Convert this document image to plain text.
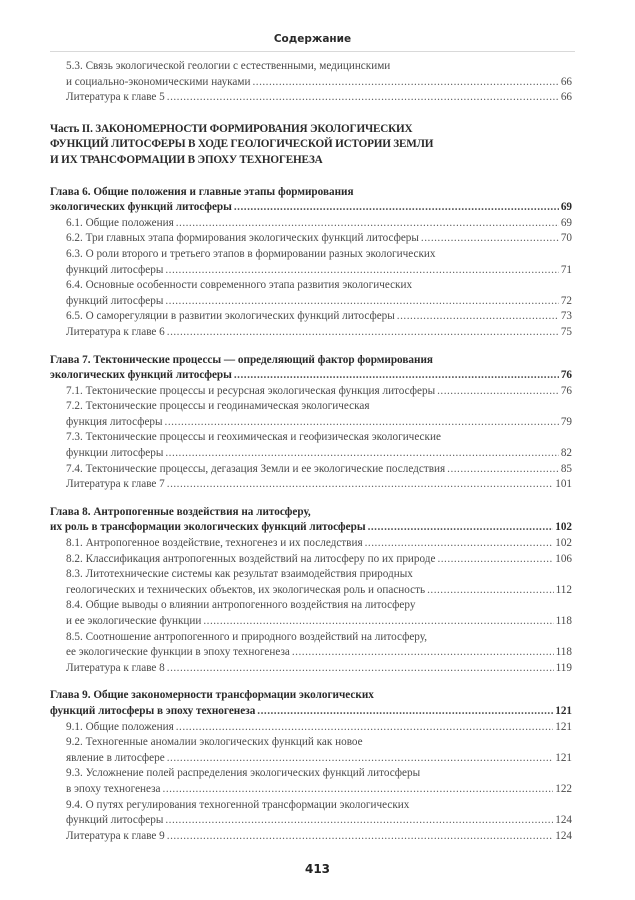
Содержание
5.3. Связь экологической геологии с естественными, медицинскими
и социально-экономическими науками .....	66
Литература к главе 5 .....	66
Часть II. ЗАКОНОМЕРНОСТИ ФОРМИРОВАНИЯ ЭКОЛОГИЧЕСКИХ
ФУНКЦИЙ ЛИТОСФЕРЫ В ХОДЕ ГЕОЛОГИЧЕСКОЙ ИСТОРИИ ЗЕМЛИ
И ИХ ТРАНСФОРМАЦИИ В ЭПОХУ ТЕХНОГЕНЕЗА
Глава 6. Общие положения и главные этапы формирования
экологических функций литосферы .....	69
6.1. Общие положения .....	69
6.2. Три главных этапа формирования экологических функций литосферы .....	70
6.3. О роли второго и третьего этапов в формировании разных экологических
функций литосферы .....	71
6.4. Основные особенности современного этапа развития экологических
функций литосферы .....	72
6.5. О саморегуляции в развитии экологических функций литосферы .....	73
Литература к главе 6 .....	75
Глава 7. Тектонические процессы — определяющий фактор формирования
экологических функций литосферы .....	76
7.1. Тектонические процессы и ресурсная экологическая функция литосферы .....	76
7.2. Тектонические процессы и геодинамическая экологическая
функция литосферы .....	79
7.3. Тектонические процессы и геохимическая и геофизическая экологические
функции литосферы .....	82
7.4. Тектонические процессы, дегазация Земли и ее экологические последствия .....	85
Литература к главе 7 .....	101
Глава 8. Антропогенные воздействия на литосферу,
их роль в трансформации экологических функций литосферы .....	102
8.1. Антропогенное воздействие, техногенез и их последствия .....	102
8.2. Классификация антропогенных воздействий на литосферу по их природе .....	106
8.3. Литотехнические системы как результат взаимодействия природных
геологических и технических объектов, их экологическая роль и опасность .....	112
8.4. Общие выводы о влиянии антропогенного воздействия на литосферу
и ее экологические функции .....	118
8.5. Соотношение антропогенного и природного воздействий на литосферу,
ее экологические функции в эпоху техногенеза .....	118
Литература к главе 8 .....	119
Глава 9. Общие закономерности трансформации экологических
функций литосферы в эпоху техногенеза .....	121
9.1. Общие положения .....	121
9.2. Техногенные аномалии экологических функций как новое
явление в литосфере .....	121
9.3. Усложнение полей распределения экологических функций литосферы
в эпоху техногенеза .....	122
9.4. О путях регулирования техногенной трансформации экологических
функций литосферы .....	124
Литература к главе 9 .....	124
413
